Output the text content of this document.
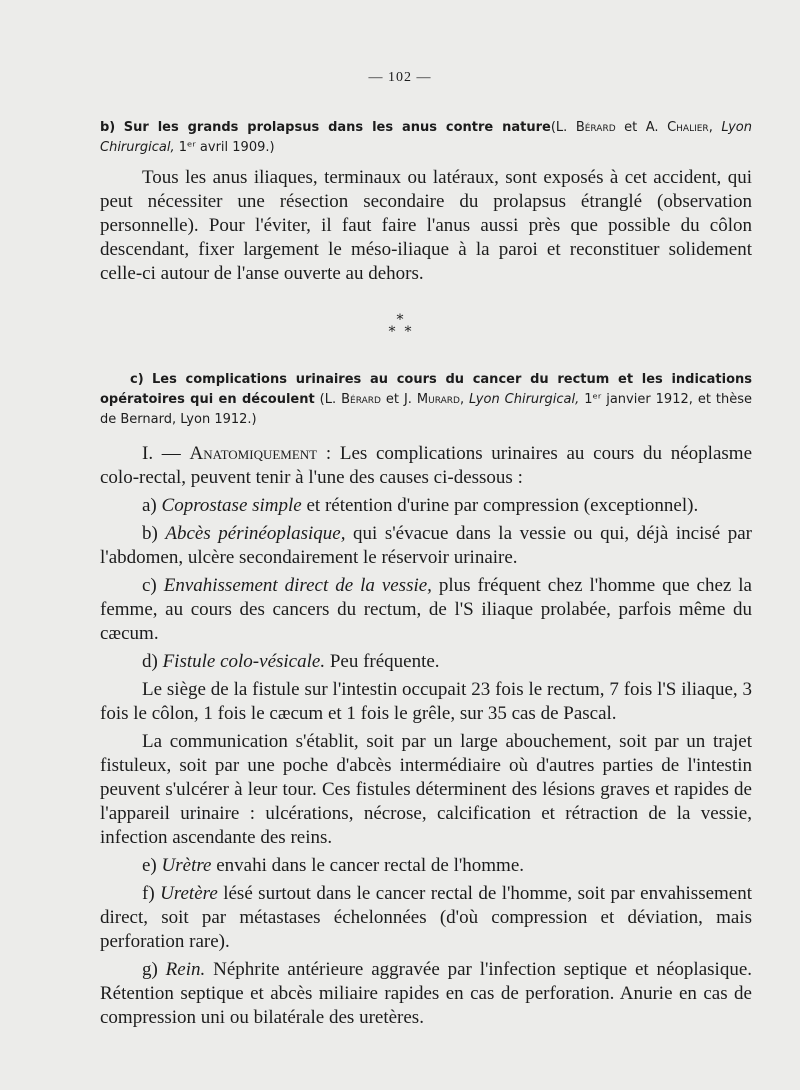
— 102 —
b) Sur les grands prolapsus dans les anus contre nature(L. Bérard et A. Chalier, Lyon Chirurgical, 1ᵉʳ avril 1909.)

Tous les anus iliaques, terminaux ou latéraux, sont exposés à cet accident, qui peut nécessiter une résection secondaire du prolapsus étranglé (observation personnelle). Pour l'éviter, il faut faire l'anus aussi près que possible du côlon descendant, fixer largement le méso-iliaque à la paroi et reconstituer solidement celle-ci autour de l'anse ouverte au dehors.

*
*  *
c) Les complications urinaires au cours du cancer du rectum et les indications opératoires qui en découlent (L. Bérard et J. Murard, Lyon Chirurgical, 1ᵉʳ janvier 1912, et thèse de Bernard, Lyon 1912.)

I. — Anatomiquement : Les complications urinaires au cours du néoplasme colo-rectal, peuvent tenir à l'une des causes ci-dessous :

a) Coprostase simple et rétention d'urine par compression (exceptionnel).

b) Abcès périnéoplasique, qui s'évacue dans la vessie ou qui, déjà incisé par l'abdomen, ulcère secondairement le réservoir urinaire.

c) Envahissement direct de la vessie, plus fréquent chez l'homme que chez la femme, au cours des cancers du rectum, de l'S iliaque prolabée, parfois même du cæcum.

d) Fistule colo-vésicale. Peu fréquente.

Le siège de la fistule sur l'intestin occupait 23 fois le rectum, 7 fois l'S iliaque, 3 fois le côlon, 1 fois le cæcum et 1 fois le grêle, sur 35 cas de Pascal.

La communication s'établit, soit par un large abouchement, soit par un trajet fistuleux, soit par une poche d'abcès intermédiaire où d'autres parties de l'intestin peuvent s'ulcérer à leur tour. Ces fistules déterminent des lésions graves et rapides de l'appareil urinaire : ulcérations, nécrose, calcification et rétraction de la vessie, infection ascendante des reins.

e) Urètre envahi dans le cancer rectal de l'homme.

f) Uretère lésé surtout dans le cancer rectal de l'homme, soit par envahissement direct, soit par métastases échelonnées (d'où compression et déviation, mais perforation rare).

g) Rein. Néphrite antérieure aggravée par l'infection septique et néoplasique. Rétention septique et abcès miliaire rapides en cas de perforation. Anurie en cas de compression uni ou bilatérale des uretères.
